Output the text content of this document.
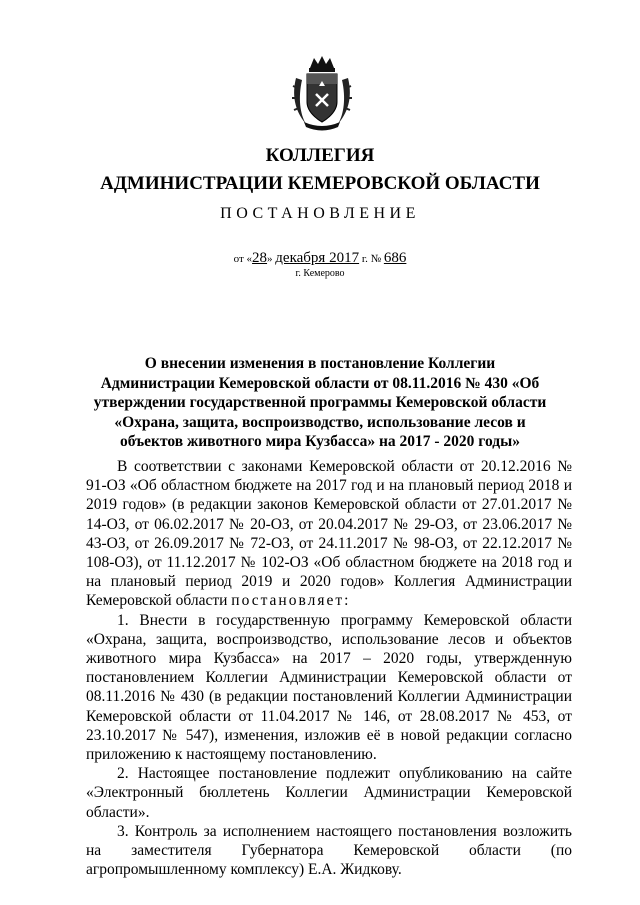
КОЛЛЕГИЯ
АДМИНИСТРАЦИИ КЕМЕРОВСКОЙ ОБЛАСТИ
ПОСТАНОВЛЕНИЕ
от «28» декабря 2017 г. № 686
г. Кемерово
О внесении изменения в постановление Коллегии Администрации Кемеровской области от 08.11.2016 № 430 «Об утверждении государственной программы Кемеровской области «Охрана, защита, воспроизводство, использование лесов и объектов животного мира Кузбасса» на 2017 - 2020 годы»

В соответствии с законами Кемеровской области от 20.12.2016 № 91-ОЗ «Об областном бюджете на 2017 год и на плановый период 2018 и 2019 годов» (в редакции законов Кемеровской области от 27.01.2017 № 14-ОЗ, от 06.02.2017 № 20-ОЗ, от 20.04.2017 № 29-ОЗ, от 23.06.2017 № 43-ОЗ, от 26.09.2017 № 72-ОЗ, от 24.11.2017 № 98-ОЗ, от 22.12.2017 № 108-ОЗ), от 11.12.2017 № 102-ОЗ «Об областном бюджете на 2018 год и на плановый период 2019 и 2020 годов» Коллегия Администрации Кемеровской области постановляет:

1. Внести в государственную программу Кемеровской области «Охрана, защита, воспроизводство, использование лесов и объектов животного мира Кузбасса» на 2017 – 2020 годы, утвержденную постановлением Коллегии Администрации Кемеровской области от 08.11.2016 № 430 (в редакции постановлений Коллегии Администрации Кемеровской области от 11.04.2017 № 146, от 28.08.2017 № 453, от 23.10.2017 № 547), изменения, изложив её в новой редакции согласно приложению к настоящему постановлению.

2. Настоящее постановление подлежит опубликованию на сайте «Электронный бюллетень Коллегии Администрации Кемеровской области».

3. Контроль за исполнением настоящего постановления возложить на заместителя Губернатора Кемеровской области (по агропромышленному комплексу) Е.А. Жидкову.
